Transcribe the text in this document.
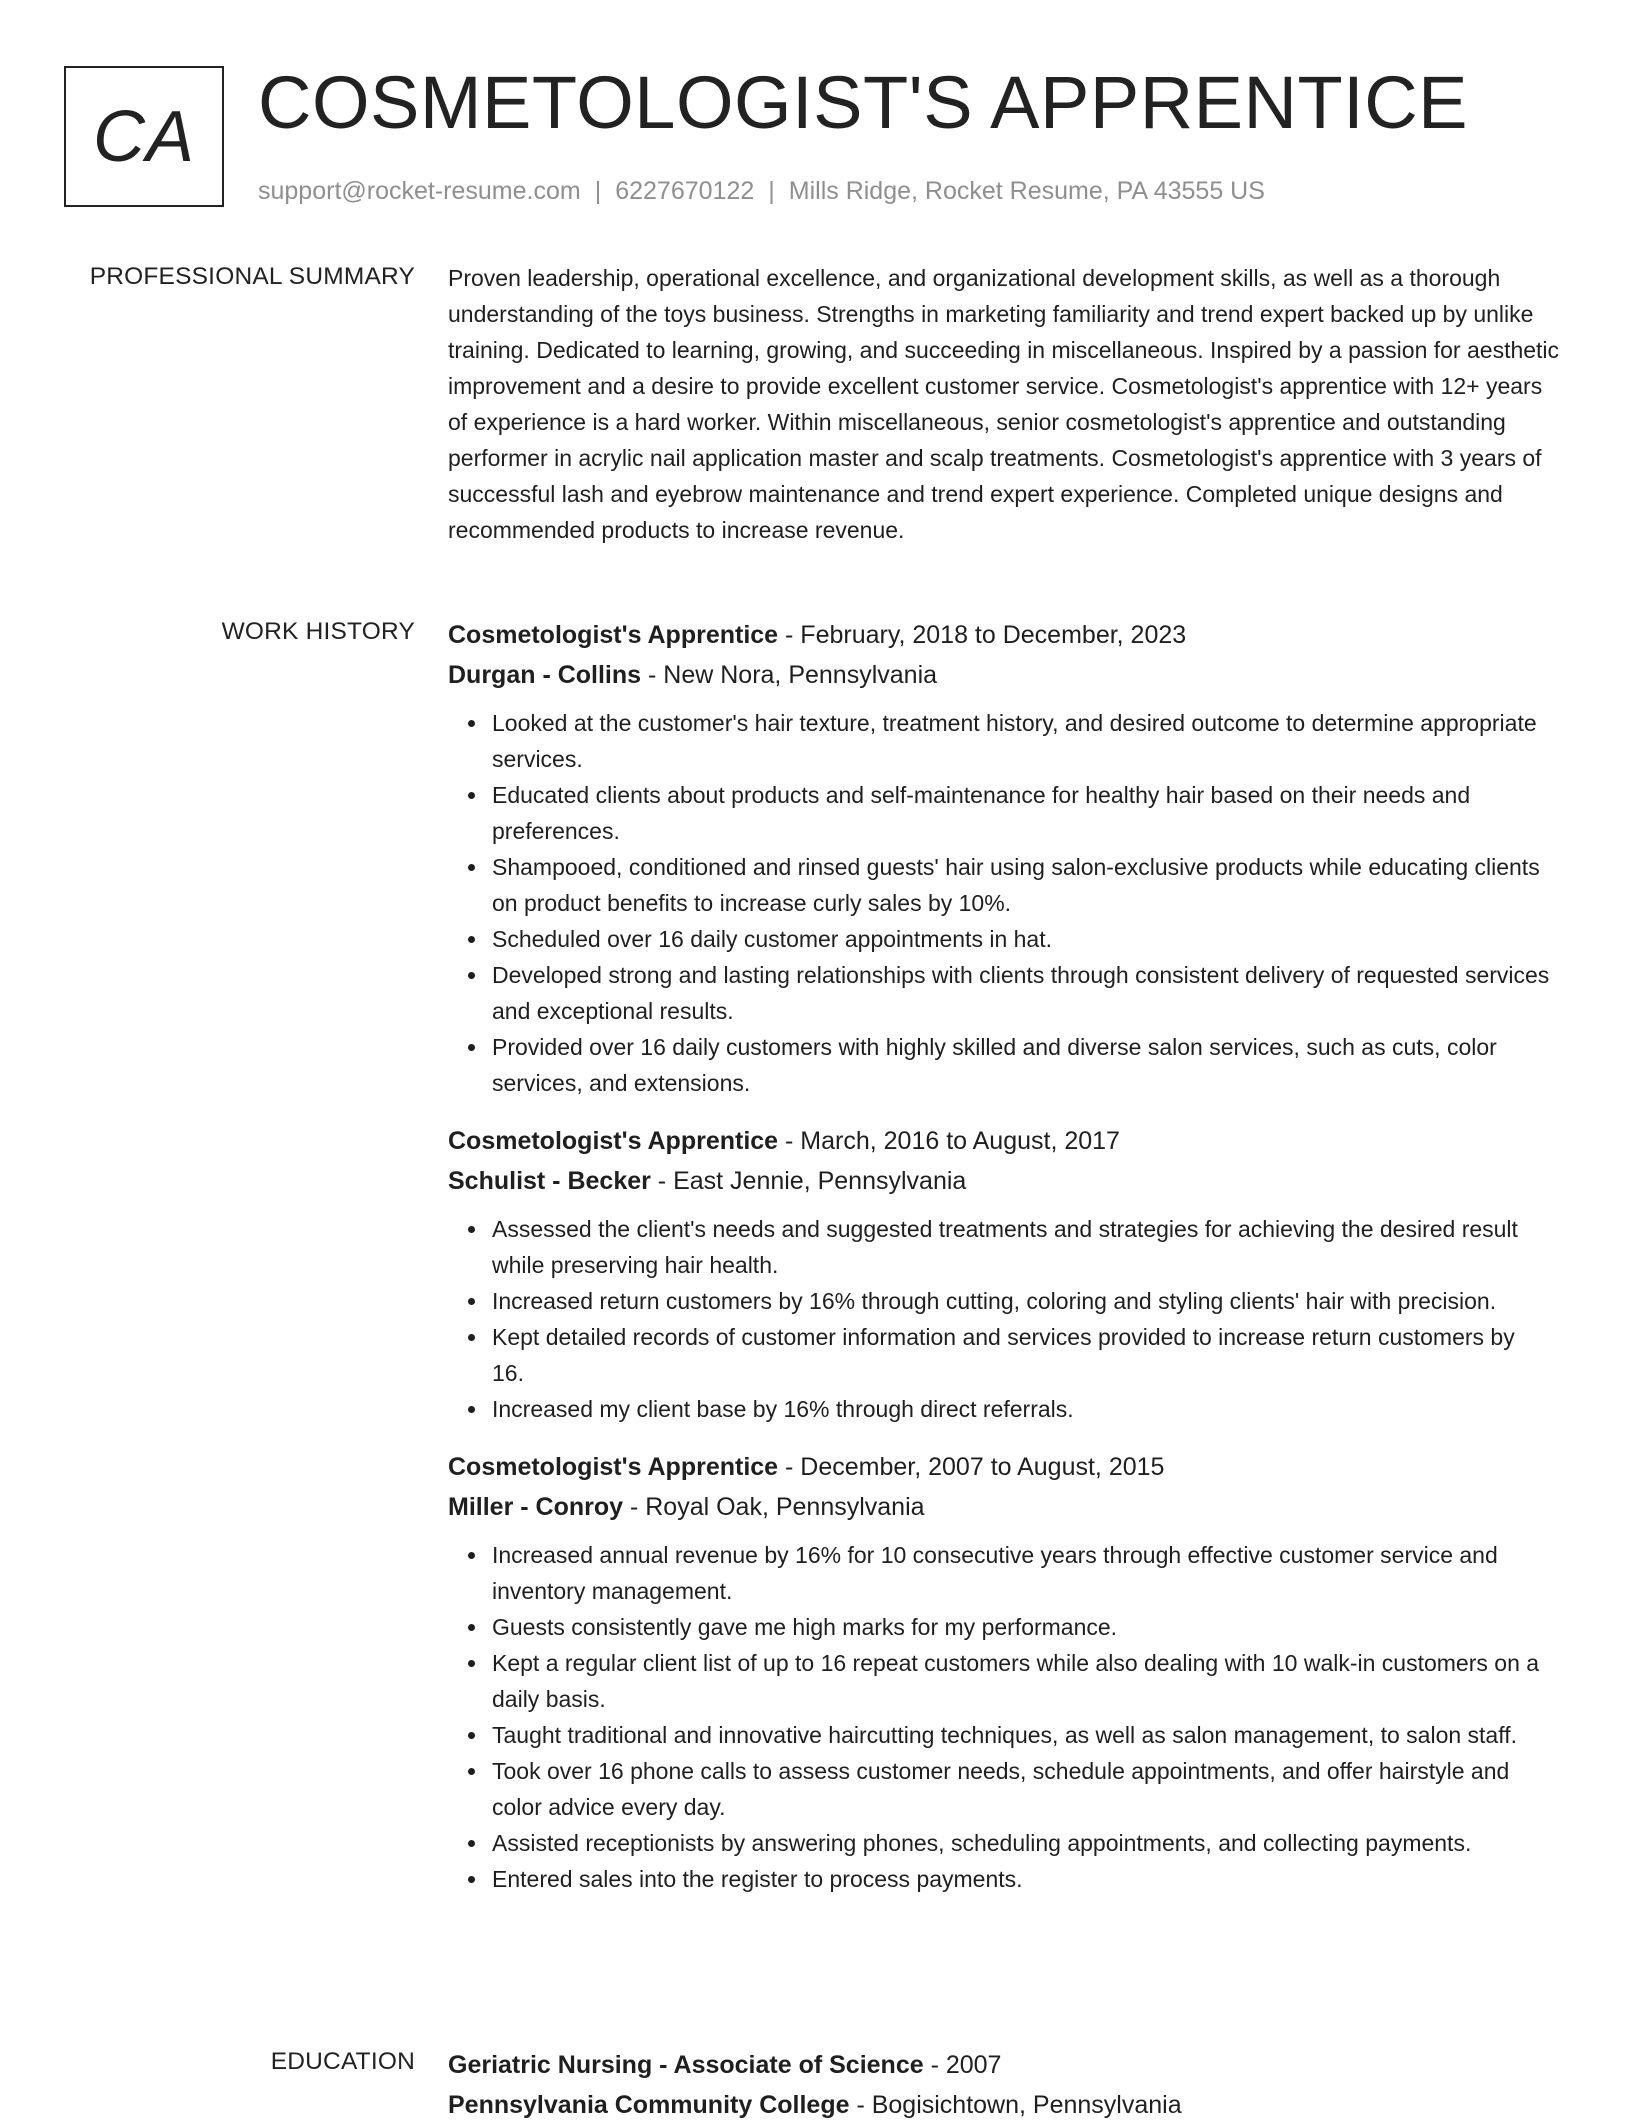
CA COSMETOLOGIST'S APPRENTICE
support@rocket-resume.com | 6227670122 | Mills Ridge, Rocket Resume, PA 43555 US
PROFESSIONAL SUMMARY Proven leadership, operational excellence, and organizational development skills, as well as a thorough understanding of the toys business. Strengths in marketing familiarity and trend expert backed up by unlike training. Dedicated to learning, growing, and succeeding in miscellaneous. Inspired by a passion for aesthetic improvement and a desire to provide excellent customer service. Cosmetologist's apprentice with 12+ years of experience is a hard worker. Within miscellaneous, senior cosmetologist's apprentice and outstanding performer in acrylic nail application master and scalp treatments. Cosmetologist's apprentice with 3 years of successful lash and eyebrow maintenance and trend expert experience. Completed unique designs and recommended products to increase revenue.

WORK HISTORY Cosmetologist's Apprentice - February, 2018 to December, 2023

Durgan - Collins - New Nora, Pennsylvania

Looked at the customer's hair texture, treatment history, and desired outcome to determine appropriate services.
Educated clients about products and self-maintenance for healthy hair based on their needs and preferences.
Shampooed, conditioned and rinsed guests' hair using salon-exclusive products while educating clients on product benefits to increase curly sales by 10%.
Scheduled over 16 daily customer appointments in hat.
Developed strong and lasting relationships with clients through consistent delivery of requested services and exceptional results.
Provided over 16 daily customers with highly skilled and diverse salon services, such as cuts, color services, and extensions.

Cosmetologist's Apprentice - March, 2016 to August, 2017

Schulist - Becker - East Jennie, Pennsylvania

Assessed the client's needs and suggested treatments and strategies for achieving the desired result while preserving hair health.
Increased return customers by 16% through cutting, coloring and styling clients' hair with precision.
Kept detailed records of customer information and services provided to increase return customers by 16.
Increased my client base by 16% through direct referrals.

Cosmetologist's Apprentice - December, 2007 to August, 2015

Miller - Conroy - Royal Oak, Pennsylvania

Increased annual revenue by 16% for 10 consecutive years through effective customer service and inventory management.
Guests consistently gave me high marks for my performance.
Kept a regular client list of up to 16 repeat customers while also dealing with 10 walk-in customers on a daily basis.
Taught traditional and innovative haircutting techniques, as well as salon management, to salon staff.
Took over 16 phone calls to assess customer needs, schedule appointments, and offer hairstyle and color advice every day.
Assisted receptionists by answering phones, scheduling appointments, and collecting payments.
Entered sales into the register to process payments.
EDUCATION Geriatric Nursing - Associate of Science - 2007

Pennsylvania Community College - Bogisichtown, Pennsylvania
